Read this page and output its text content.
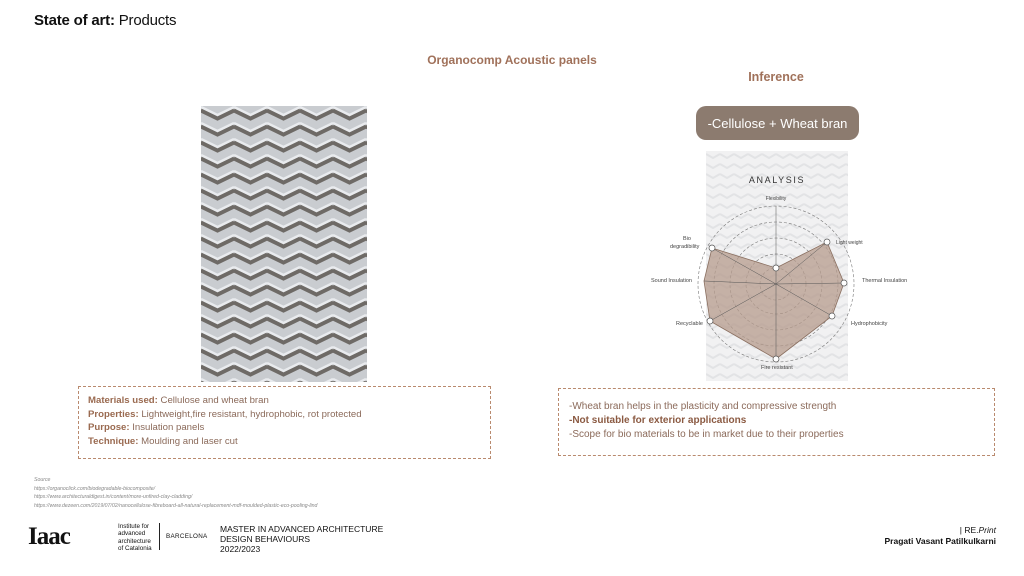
State of art: Products
Organocomp Acoustic panels
Inference
-Cellulose + Wheat bran
ANALYSIS
Flexibility
Light weight
Thermal Insulation
Hydrophobicity
Fire resistant
Recyclable
Sound Insulation
Bio
degradibility
Materials used: Cellulose and wheat bran
Properties: Lightweight,fire resistant, hydrophobic, rot protected
Purpose: Insulation panels
Technique: Moulding and laser cut
-Wheat bran helps in the plasticity and compressive strength
-Not suitable for exterior applications
-Scope for bio materials to be in market due to their properties
Source
https://organoclick.com/biodegradable-biocomposite/
https://www.architecturaldigest.in/content/more-unfired-clay-cladding/
https://www.dezeen.com/2019/07/02/nanocellulose-fibreboard-all-natural-replacement-mdf-moulded-plastic-eco-pooling-lind
Iaac	Institute for
advanced
architecture
of Catalonia
BARCELONA
MASTER IN ADVANCED ARCHITECTURE
DESIGN BEHAVIOURS
2022/2023
| RE.Print
Pragati Vasant Patilkulkarni
